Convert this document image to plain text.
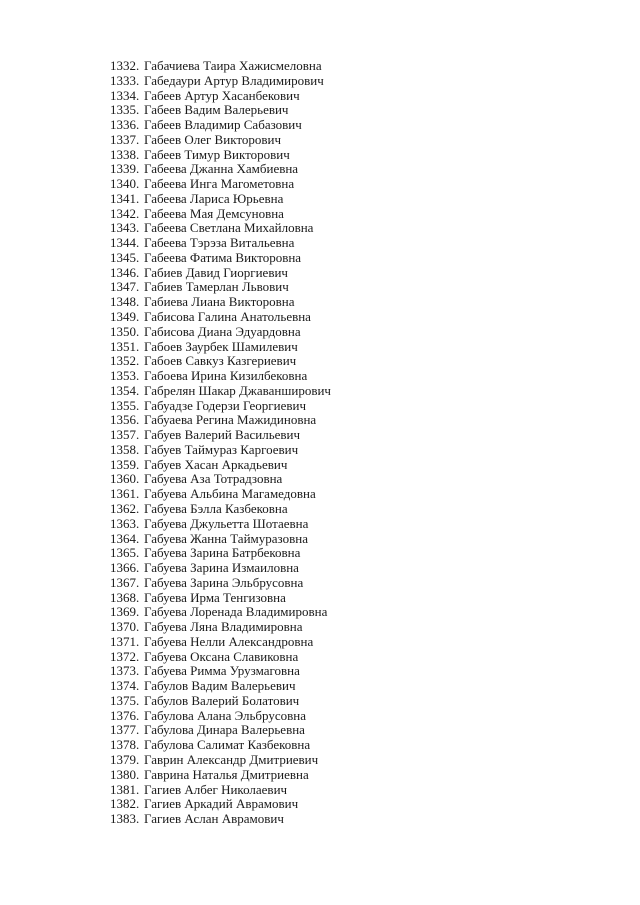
1332. Габачиева Таира Хажисмеловна
1333. Габедаури Артур Владимирович
1334. Габеев Артур Хасанбекович
1335. Габеев Вадим Валерьевич
1336. Габеев Владимир Сабазович
1337. Габеев Олег Викторович
1338. Габеев Тимур Викторович
1339. Габеева Джанна Хамбиевна
1340. Габеева Инга Магометовна
1341. Габеева Лариса Юрьевна
1342. Габеева Мая Демсуновна
1343. Габеева Светлана Михайловна
1344. Габеева Тэрэза Витальевна
1345. Габеева Фатима Викторовна
1346. Габиев Давид Гиоргиевич
1347. Габиев Тамерлан Львович
1348. Габиева Лиана Викторовна
1349. Габисова Галина Анатольевна
1350. Габисова Диана Эдуардовна
1351. Габоев Заурбек Шамилевич
1352. Габоев Савкуз Казгериевич
1353. Габоева Ирина Кизилбековна
1354. Габрелян Шакар Джаванширович
1355. Габуадзе Годерзи Георгиевич
1356. Габуаева Регина Мажидиновна
1357. Габуев Валерий Васильевич
1358. Габуев Таймураз Каргоевич
1359. Габуев Хасан Аркадьевич
1360. Габуева Аза Тотрадзовна
1361. Габуева Альбина Магамедовна
1362. Габуева Бэлла Казбековна
1363. Габуева Джульетта Шотаевна
1364. Габуева Жанна Таймуразовна
1365. Габуева Зарина Батрбековна
1366. Габуева Зарина Измаиловна
1367. Габуева Зарина Эльбрусовна
1368. Габуева Ирма Тенгизовна
1369. Габуева Лоренада Владимировна
1370. Габуева Ляна Владимировна
1371. Габуева Нелли Александровна
1372. Габуева Оксана Славиковна
1373. Габуева Римма Урузмаговна
1374. Габулов Вадим Валерьевич
1375. Габулов Валерий Болатович
1376. Габулова Алана Эльбрусовна
1377. Габулова Динара Валерьевна
1378. Габулова Салимат Казбековна
1379. Гаврин Александр Дмитриевич
1380. Гаврина Наталья Дмитриевна
1381. Гагиев Албег Николаевич
1382. Гагиев Аркадий Аврамович
1383. Гагиев Аслан Аврамович
